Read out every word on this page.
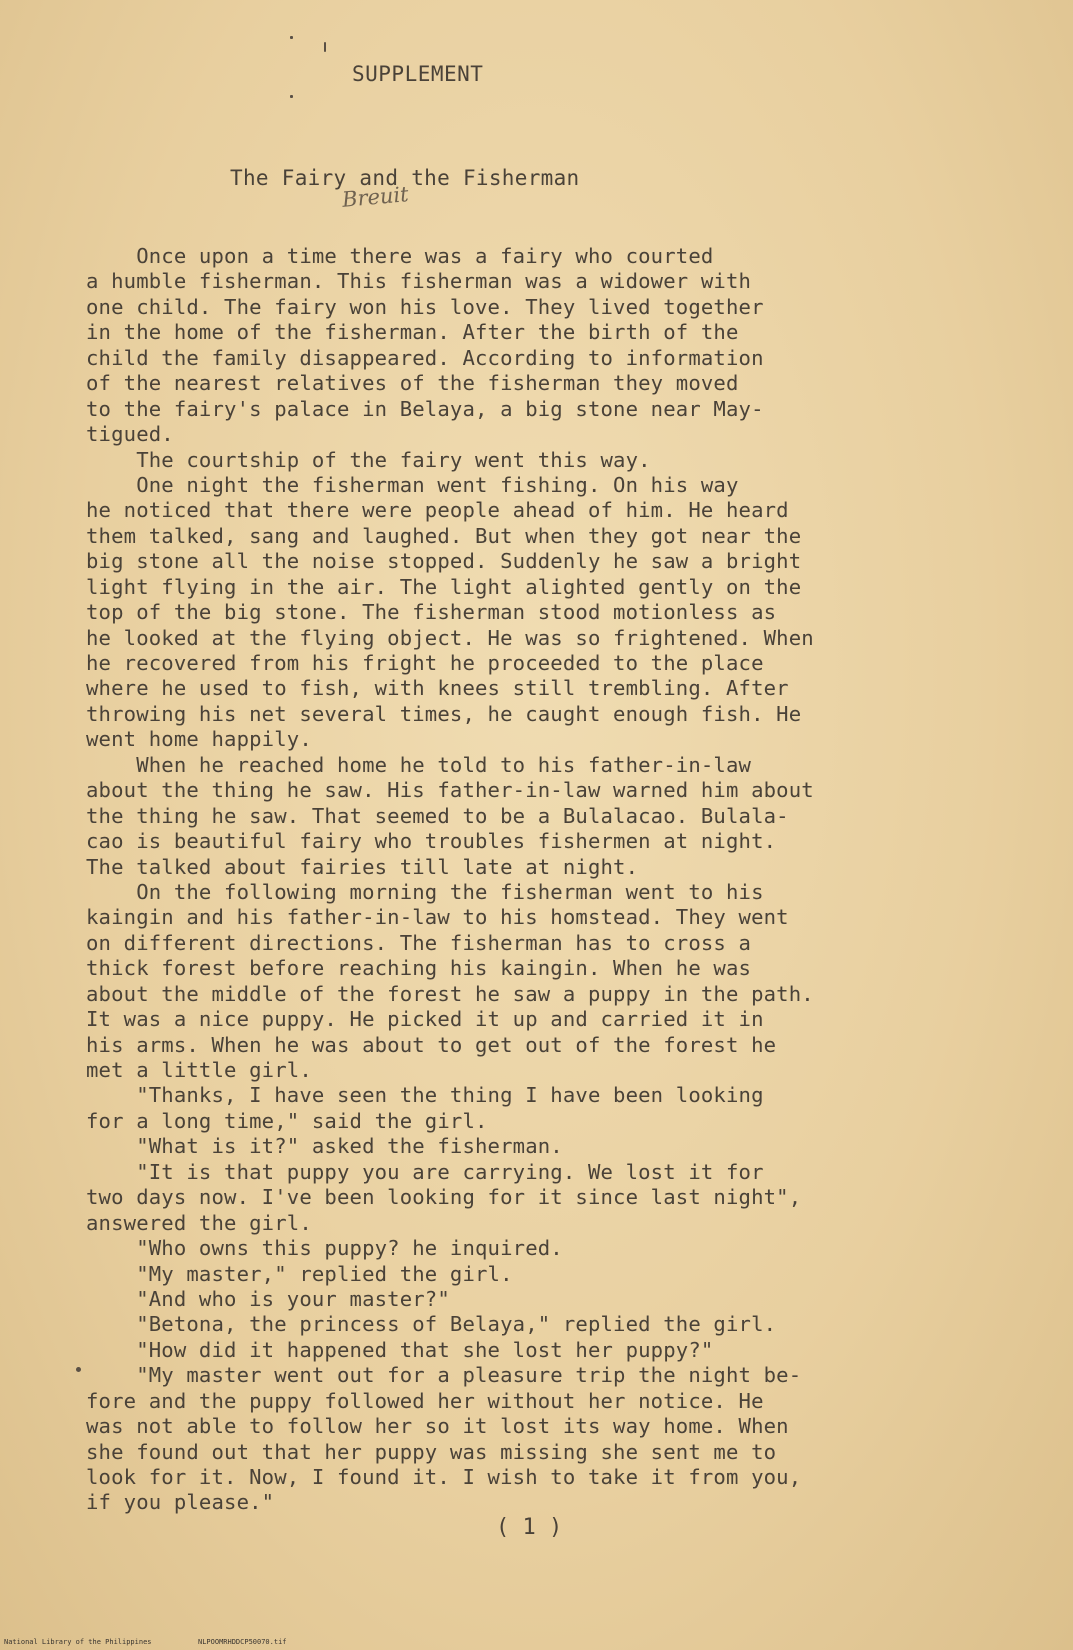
SUPPLEMENT
The Fairy and the Fisherman
Breuit
Once upon a time there was a fairy who courted
a humble fisherman. This fisherman was a widower with
one child. The fairy won his love. They lived together
in the home of the fisherman. After the birth of the
child the family disappeared. According to information
of the nearest relatives of the fisherman they moved
to the fairy's palace in Belaya, a big stone near May-
tigued.
The courtship of the fairy went this way.
One night the fisherman went fishing. On his way
he noticed that there were people ahead of him. He heard
them talked, sang and laughed. But when they got near the
big stone all the noise stopped. Suddenly he saw a bright
light flying in the air. The light alighted gently on the
top of the big stone. The fisherman stood motionless as
he looked at the flying object. He was so frightened. When
he recovered from his fright he proceeded to the place
where he used to fish, with knees still trembling. After
throwing his net several times, he caught enough fish. He
went home happily.
When he reached home he told to his father-in-law
about the thing he saw. His father-in-law warned him about
the thing he saw. That seemed to be a Bulalacao. Bulala-
cao is beautiful fairy who troubles fishermen at night.
The talked about fairies till late at night.
On the following morning the fisherman went to his
kaingin and his father-in-law to his homstead. They went
on different directions. The fisherman has to cross a
thick forest before reaching his kaingin. When he was
about the middle of the forest he saw a puppy in the path.
It was a nice puppy. He picked it up and carried it in
his arms. When he was about to get out of the forest he
met a little girl.
"Thanks, I have seen the thing I have been looking
for a long time," said the girl.
"What is it?" asked the fisherman.
"It is that puppy you are carrying. We lost it for
two days now. I've been looking for it since last night",
answered the girl.
"Who owns this puppy? he inquired.
"My master," replied the girl.
"And who is your master?"
"Betona, the princess of Belaya," replied the girl.
"How did it happened that she lost her puppy?"
"My master went out for a pleasure trip the night be-
fore and the puppy followed her without her notice. He
was not able to follow her so it lost its way home. When
she found out that her puppy was missing she sent me to
look for it. Now, I found it. I wish to take it from you,
if you please."
( 1 )
National Library of the Philippines	NLPOOMRHDDCP50070.tif
